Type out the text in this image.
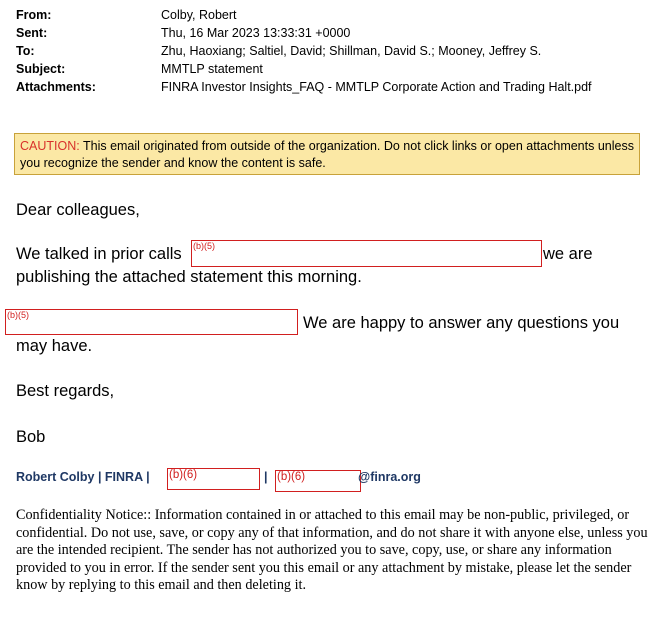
From:	Colby, Robert
Sent:	Thu, 16 Mar 2023 13:33:31 +0000
To:	Zhu, Haoxiang; Saltiel, David; Shillman, David S.; Mooney, Jeffrey S.
Subject:	MMTLP statement
Attachments:	FINRA Investor Insights_FAQ - MMTLP Corporate Action and Trading Halt.pdf
CAUTION: This email originated from outside of the organization. Do not click links or open attachments unless you recognize the sender and know the content is safe.
Dear colleagues,
We talked in prior calls (b)(5)	we are
publishing the attached statement this morning.
(b)(5)	We are happy to answer any questions you
may have.
Best regards,
Bob
Robert Colby | FINRA | (b)(6)	| (b)(6)	@finra.org
Confidentiality Notice:: Information contained in or attached to this email may be non-public, privileged, or confidential. Do not use, save, or copy any of that information, and do not share it with anyone else, unless you are the intended recipient. The sender has not authorized you to save, copy, use, or share any information provided to you in error. If the sender sent you this email or any attachment by mistake, please let the sender know by replying to this email and then deleting it.
